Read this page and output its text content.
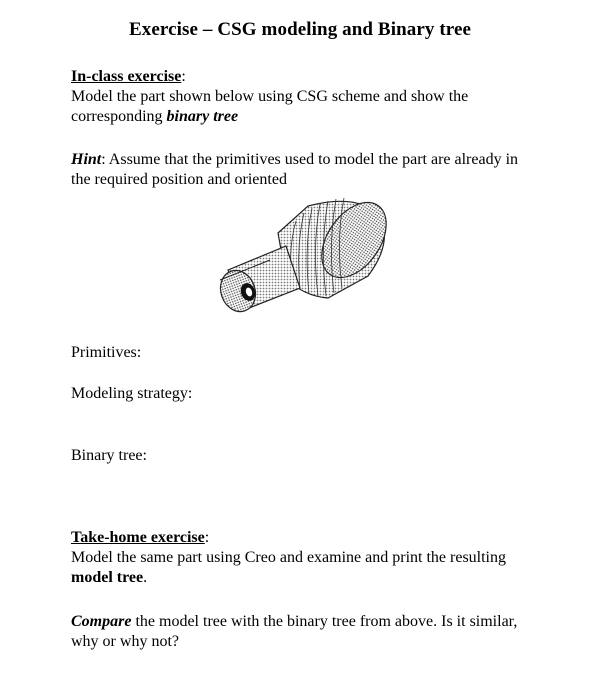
Exercise – CSG modeling and Binary tree
In-class exercise:
Model the part shown below using CSG scheme and show the corresponding binary tree
Hint: Assume that the primitives used to model the part are already in the required position and oriented
Primitives:
Modeling strategy:
Binary tree:
Take-home exercise:
Model the same part using Creo and examine and print the resulting model tree.
Compare the model tree with the binary tree from above. Is it similar, why or why not?
